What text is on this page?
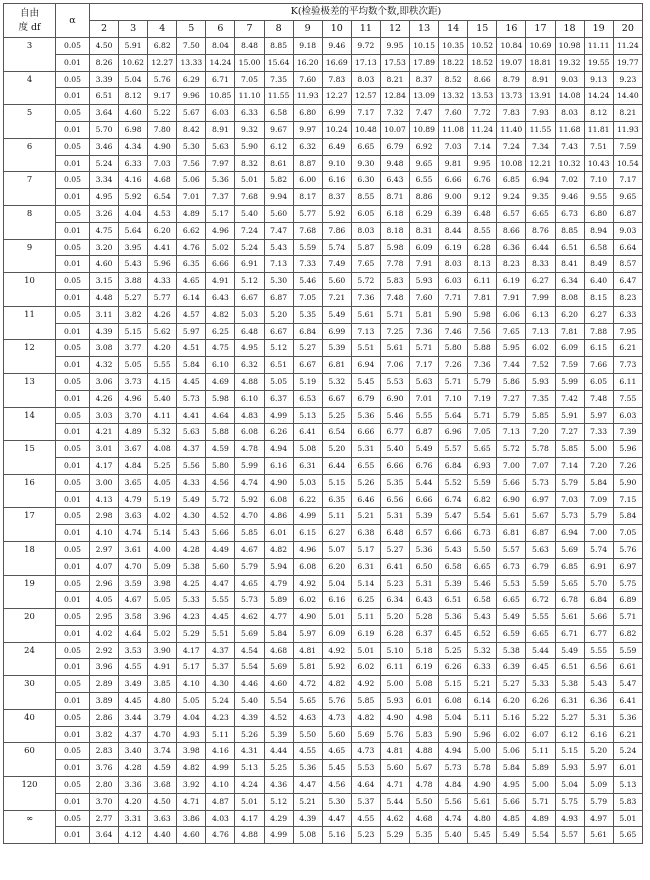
自由
度 df	α	K(检验极差的平均数个数,即秩次距)																		
		2	3	4	5	6	7	8	9	10	11	12	13	14	15	16	17	18	19	20
3	0.05	4.50	5.91	6.82	7.50	8.04	8.48	8.85	9.18	9.46	9.72	9.95	10.15	10.35	10.52	10.84	10.69	10.98	11.11	11.24
	0.01	8.26	10.62	12.27	13.33	14.24	15.00	15.64	16.20	16.69	17.13	17.53	17.89	18.22	18.52	19.07	18.81	19.32	19.55	19.77
4	0.05	3.39	5.04	5.76	6.29	6.71	7.05	7.35	7.60	7.83	8.03	8.21	8.37	8.52	8.66	8.79	8.91	9.03	9.13	9.23
	0.01	6.51	8.12	9.17	9.96	10.85	11.10	11.55	11.93	12.27	12.57	12.84	13.09	13.32	13.53	13.73	13.91	14.08	14.24	14.40
5	0.05	3.64	4.60	5.22	5.67	6.03	6.33	6.58	6.80	6.99	7.17	7.32	7.47	7.60	7.72	7.83	7.93	8.03	8.12	8.21
	0.01	5.70	6.98	7.80	8.42	8.91	9.32	9.67	9.97	10.24	10.48	10.07	10.89	11.08	11.24	11.40	11.55	11.68	11.81	11.93
6	0.05	3.46	4.34	4.90	5.30	5.63	5.90	6.12	6.32	6.49	6.65	6.79	6.92	7.03	7.14	7.24	7.34	7.43	7.51	7.59
	0.01	5.24	6.33	7.03	7.56	7.97	8.32	8.61	8.87	9.10	9.30	9.48	9.65	9.81	9.95	10.08	12.21	10.32	10.43	10.54
7	0.05	3.34	4.16	4.68	5.06	5.36	5.01	5.82	6.00	6.16	6.30	6.43	6.55	6.66	6.76	6.85	6.94	7.02	7.10	7.17
	0.01	4.95	5.92	6.54	7.01	7.37	7.68	9.94	8.17	8.37	8.55	8.71	8.86	9.00	9.12	9.24	9.35	9.46	9.55	9.65
8	0.05	3.26	4.04	4.53	4.89	5.17	5.40	5.60	5.77	5.92	6.05	6.18	6.29	6.39	6.48	6.57	6.65	6.73	6.80	6.87
	0.01	4.75	5.64	6.20	6.62	4.96	7.24	7.47	7.68	7.86	8.03	8.18	8.31	8.44	8.55	8.66	8.76	8.85	8.94	9.03
9	0.05	3.20	3.95	4.41	4.76	5.02	5.24	5.43	5.59	5.74	5.87	5.98	6.09	6.19	6.28	6.36	6.44	6.51	6.58	6.64
	0.01	4.60	5.43	5.96	6.35	6.66	6.91	7.13	7.33	7.49	7.65	7.78	7.91	8.03	8.13	8.23	8.33	8.41	8.49	8.57
10	0.05	3.15	3.88	4.33	4.65	4.91	5.12	5.30	5.46	5.60	5.72	5.83	5.93	6.03	6.11	6.19	6.27	6.34	6.40	6.47
	0.01	4.48	5.27	5.77	6.14	6.43	6.67	6.87	7.05	7.21	7.36	7.48	7.60	7.71	7.81	7.91	7.99	8.08	8.15	8.23
11	0.05	3.11	3.82	4.26	4.57	4.82	5.03	5.20	5.35	5.49	5.61	5.71	5.81	5.90	5.98	6.06	6.13	6.20	6.27	6.33
	0.01	4.39	5.15	5.62	5.97	6.25	6.48	6.67	6.84	6.99	7.13	7.25	7.36	7.46	7.56	7.65	7.13	7.81	7.88	7.95
12	0.05	3.08	3.77	4.20	4.51	4.75	4.95	5.12	5.27	5.39	5.51	5.61	5.71	5.80	5.88	5.95	6.02	6.09	6.15	6.21
	0.01	4.32	5.05	5.55	5.84	6.10	6.32	6.51	6.67	6.81	6.94	7.06	7.17	7.26	7.36	7.44	7.52	7.59	7.66	7.73
13	0.05	3.06	3.73	4.15	4.45	4.69	4.88	5.05	5.19	5.32	5.45	5.53	5.63	5.71	5.79	5.86	5.93	5.99	6.05	6.11
	0.01	4.26	4.96	5.40	5.73	5.98	6.10	6.37	6.53	6.67	6.79	6.90	7.01	7.10	7.19	7.27	7.35	7.42	7.48	7.55
14	0.05	3.03	3.70	4.11	4.41	4.64	4.83	4.99	5.13	5.25	5.36	5.46	5.55	5.64	5.71	5.79	5.85	5.91	5.97	6.03
	0.01	4.21	4.89	5.32	5.63	5.88	6.08	6.26	6.41	6.54	6.66	6.77	6.87	6.96	7.05	7.13	7.20	7.27	7.33	7.39
15	0.05	3.01	3.67	4.08	4.37	4.59	4.78	4.94	5.08	5.20	5.31	5.40	5.49	5.57	5.65	5.72	5.78	5.85	5.00	5.96
	0.01	4.17	4.84	5.25	5.56	5.80	5.99	6.16	6.31	6.44	6.55	6.66	6.76	6.84	6.93	7.00	7.07	7.14	7.20	7.26
16	0.05	3.00	3.65	4.05	4.33	4.56	4.74	4.90	5.03	5.15	5.26	5.35	5.44	5.52	5.59	5.66	5.73	5.79	5.84	5.90
	0.01	4.13	4.79	5.19	5.49	5.72	5.92	6.08	6.22	6.35	6.46	6.56	6.66	6.74	6.82	6.90	6.97	7.03	7.09	7.15
17	0.05	2.98	3.63	4.02	4.30	4.52	4.70	4.86	4.99	5.11	5.21	5.31	5.39	5.47	5.54	5.61	5.67	5.73	5.79	5.84
	0.01	4.10	4.74	5.14	5.43	5.66	5.85	6.01	6.15	6.27	6.38	6.48	6.57	6.66	6.73	6.81	6.87	6.94	7.00	7.05
18	0.05	2.97	3.61	4.00	4.28	4.49	4.67	4.82	4.96	5.07	5.17	5.27	5.36	5.43	5.50	5.57	5.63	5.69	5.74	5.76
	0.01	4.07	4.70	5.09	5.38	5.60	5.79	5.94	6.08	6.20	6.31	6.41	6.50	6.58	6.65	6.73	6.79	6.85	6.91	6.97
19	0.05	2.96	3.59	3.98	4.25	4.47	4.65	4.79	4.92	5.04	5.14	5.23	5.31	5.39	5.46	5.53	5.59	5.65	5.70	5.75
	0.01	4.05	4.67	5.05	5.33	5.55	5.73	5.89	6.02	6.16	6.25	6.34	6.43	6.51	6.58	6.65	6.72	6.78	6.84	6.89
20	0.05	2.95	3.58	3.96	4.23	4.45	4.62	4.77	4.90	5.01	5.11	5.20	5.28	5.36	5.43	5.49	5.55	5.61	5.66	5.71
	0.01	4.02	4.64	5.02	5.29	5.51	5.69	5.84	5.97	6.09	6.19	6.28	6.37	6.45	6.52	6.59	6.65	6.71	6.77	6.82
24	0.05	2.92	3.53	3.90	4.17	4.37	4.54	4.68	4.81	4.92	5.01	5.10	5.18	5.25	5.32	5.38	5.44	5.49	5.55	5.59
	0.01	3.96	4.55	4.91	5.17	5.37	5.54	5.69	5.81	5.92	6.02	6.11	6.19	6.26	6.33	6.39	6.45	6.51	6.56	6.61
30	0.05	2.89	3.49	3.85	4.10	4.30	4.46	4.60	4.72	4.82	4.92	5.00	5.08	5.15	5.21	5.27	5.33	5.38	5.43	5.47
	0.01	3.89	4.45	4.80	5.05	5.24	5.40	5.54	5.65	5.76	5.85	5.93	6.01	6.08	6.14	6.20	6.26	6.31	6.36	6.41
40	0.05	2.86	3.44	3.79	4.04	4.23	4.39	4.52	4.63	4.73	4.82	4.90	4.98	5.04	5.11	5.16	5.22	5.27	5.31	5.36
	0.01	3.82	4.37	4.70	4.93	5.11	5.26	5.39	5.50	5.60	5.69	5.76	5.83	5.90	5.96	6.02	6.07	6.12	6.16	6.21
60	0.05	2.83	3.40	3.74	3.98	4.16	4.31	4.44	4.55	4.65	4.73	4.81	4.88	4.94	5.00	5.06	5.11	5.15	5.20	5.24
	0.01	3.76	4.28	4.59	4.82	4.99	5.13	5.25	5.36	5.45	5.53	5.60	5.67	5.73	5.78	5.84	5.89	5.93	5.97	6.01
120	0.05	2.80	3.36	3.68	3.92	4.10	4.24	4.36	4.47	4.56	4.64	4.71	4.78	4.84	4.90	4.95	5.00	5.04	5.09	5.13
	0.01	3.70	4.20	4.50	4.71	4.87	5.01	5.12	5.21	5.30	5.37	5.44	5.50	5.56	5.61	5.66	5.71	5.75	5.79	5.83
∞	0.05	2.77	3.31	3.63	3.86	4.03	4.17	4.29	4.39	4.47	4.55	4.62	4.68	4.74	4.80	4.85	4.89	4.93	4.97	5.01
	0.01	3.64	4.12	4.40	4.60	4.76	4.88	4.99	5.08	5.16	5.23	5.29	5.35	5.40	5.45	5.49	5.54	5.57	5.61	5.65
